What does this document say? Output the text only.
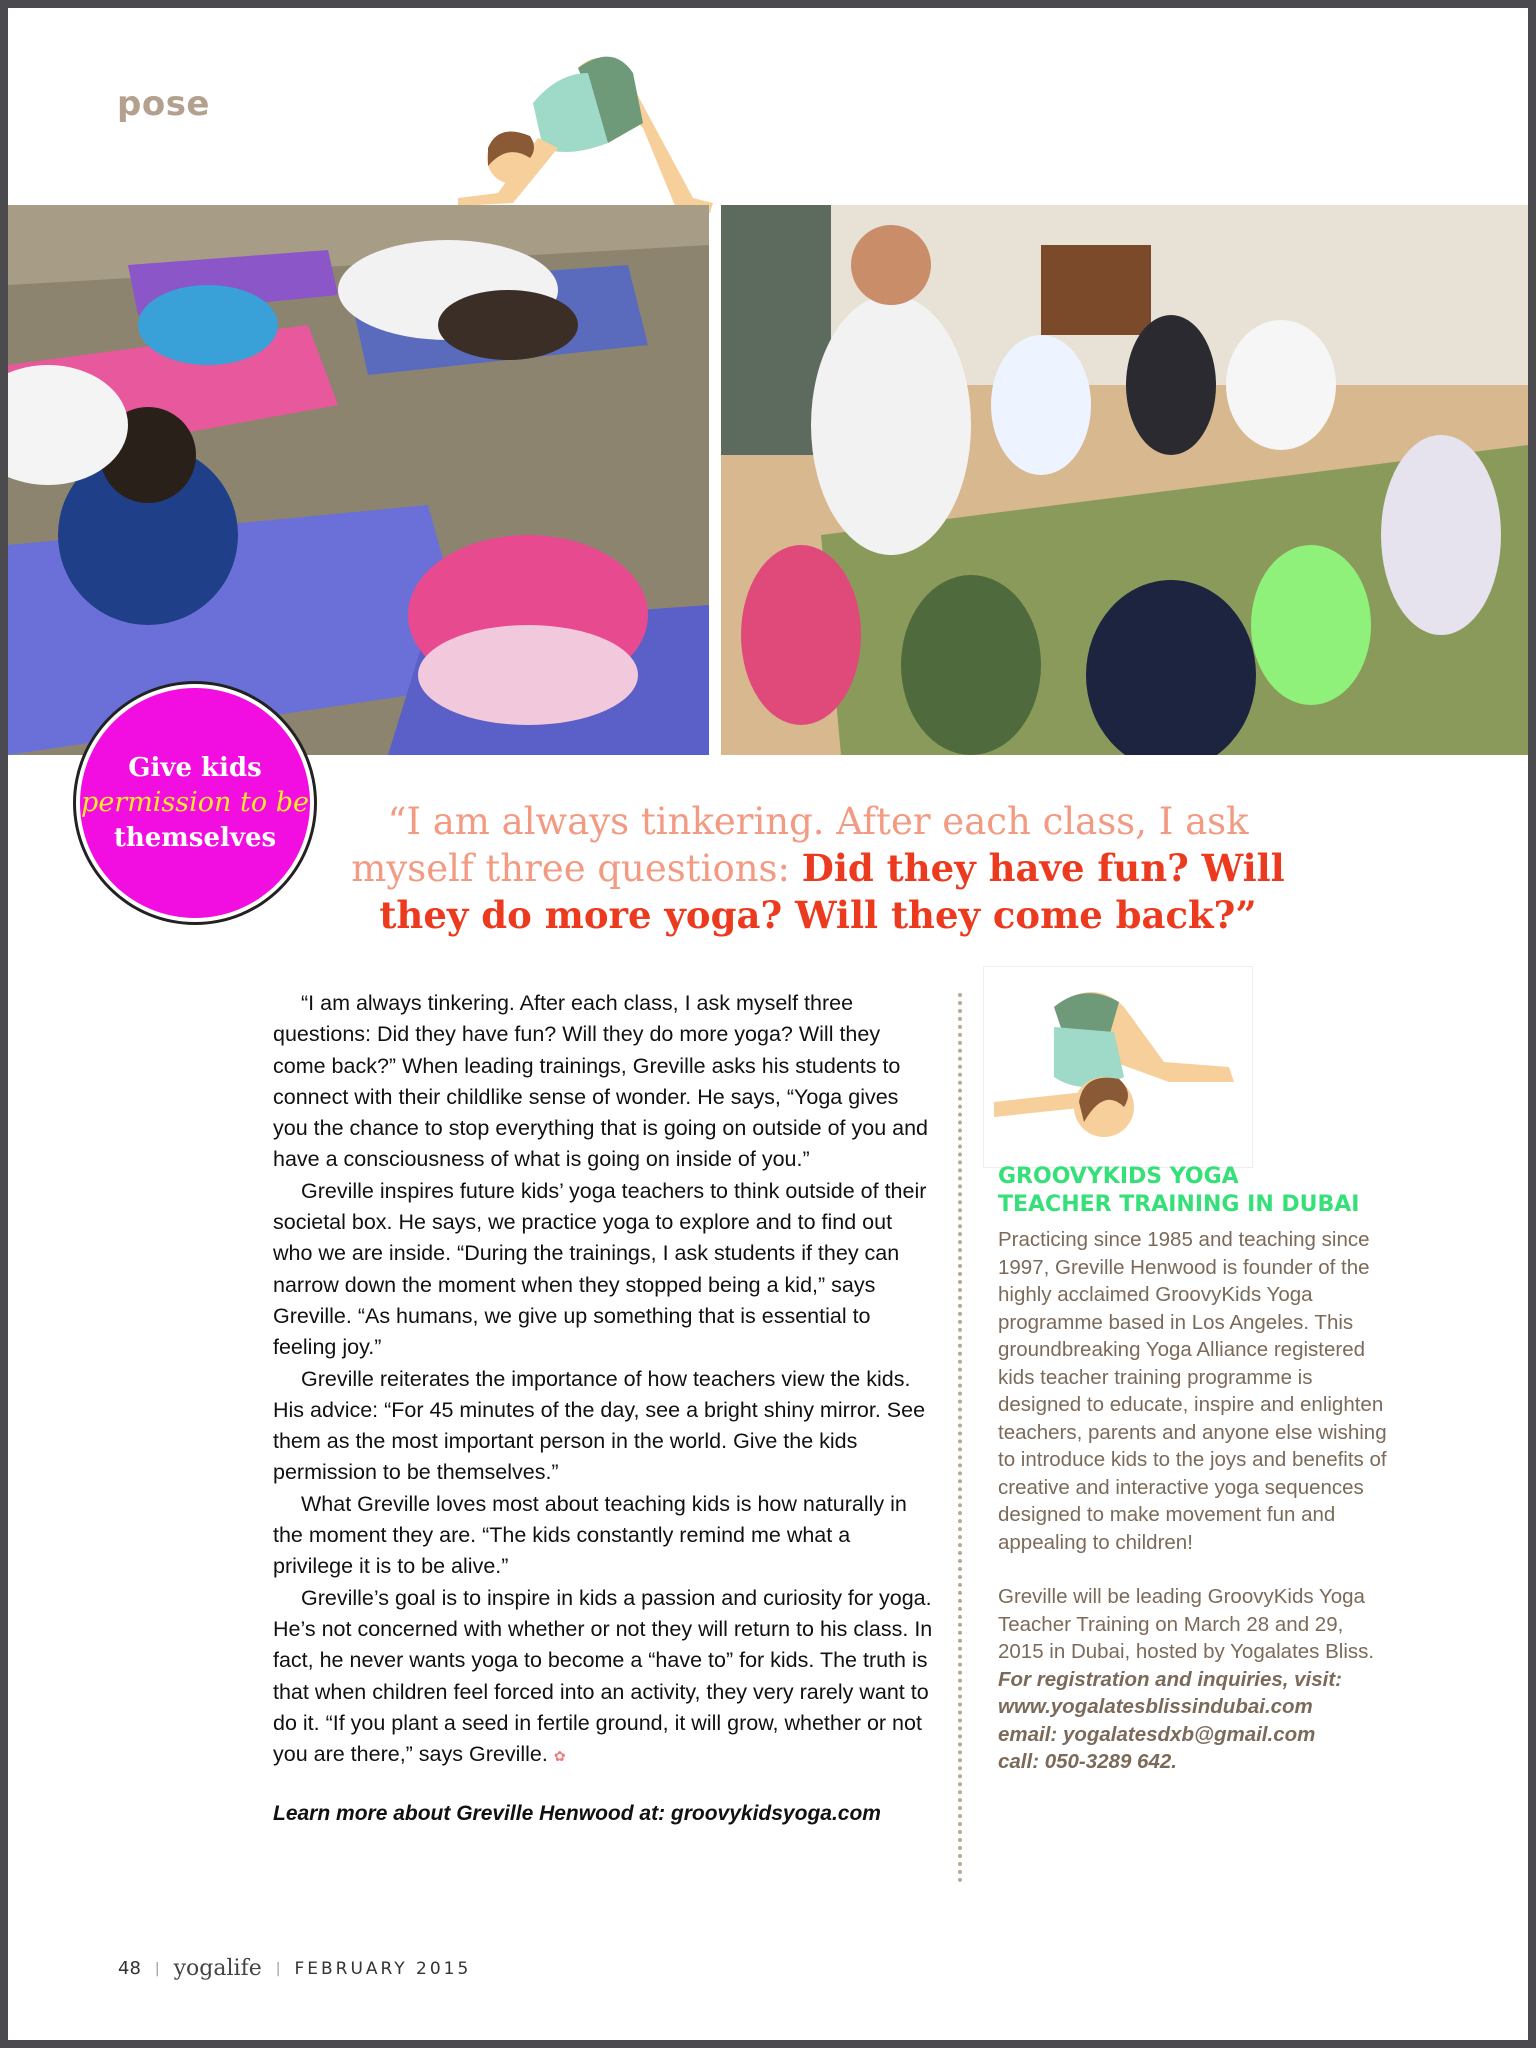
pose
Give kids
permission to be
themselves	“I am always tinkering. After each class, I ask myself three questions: Did they have fun? Will they do more yoga? Will they come back?”

“I am always tinkering. After each class, I ask myself three questions: Did they have fun? Will they do more yoga? Will they come back?” When leading trainings, Greville asks his students to connect with their childlike sense of wonder. He says, “Yoga gives you the chance to stop everything that is going on outside of you and have a consciousness of what is going on inside of you.”

Greville inspires future kids’ yoga teachers to think outside of their societal box. He says, we practice yoga to explore and to find out who we are inside. “During the trainings, I ask students if they can narrow down the moment when they stopped being a kid,” says Greville. “As humans, we give up something that is essential to feeling joy.”

Greville reiterates the importance of how teachers view the kids. His advice: “For 45 minutes of the day, see a bright shiny mirror. See them as the most important person in the world. Give the kids permission to be themselves.”

What Greville loves most about teaching kids is how naturally in the moment they are. “The kids constantly remind me what a privilege it is to be alive.”

Greville’s goal is to inspire in kids a passion and curiosity for yoga. He’s not concerned with whether or not they will return to his class. In fact, he never wants yoga to become a “have to” for kids. The truth is that when children feel forced into an activity, they very rarely want to do it. “If you plant a seed in fertile ground, it will grow, whether or not you are there,” says Greville. ✿

Learn more about Greville Henwood at: groovykidsyoga.com

GROOVYKIDS YOGA
TEACHER TRAINING IN DUBAI

Practicing since 1985 and teaching since 1997, Greville Henwood is founder of the highly acclaimed GroovyKids Yoga programme based in Los Angeles. This groundbreaking Yoga Alliance registered kids teacher training programme is designed to educate, inspire and enlighten teachers, parents and anyone else wishing to introduce kids to the joys and benefits of creative and interactive yoga sequences designed to make movement fun and appealing to children!

Greville will be leading GroovyKids Yoga Teacher Training on March 28 and 29, 2015 in Dubai, hosted by Yogalates Bliss.

For registration and inquiries, visit:

www.yogalatesblissindubai.com

email: yogalatesdxb@gmail.com

call: 050-3289 642.

48 | yogalife | FEBRUARY 2015
